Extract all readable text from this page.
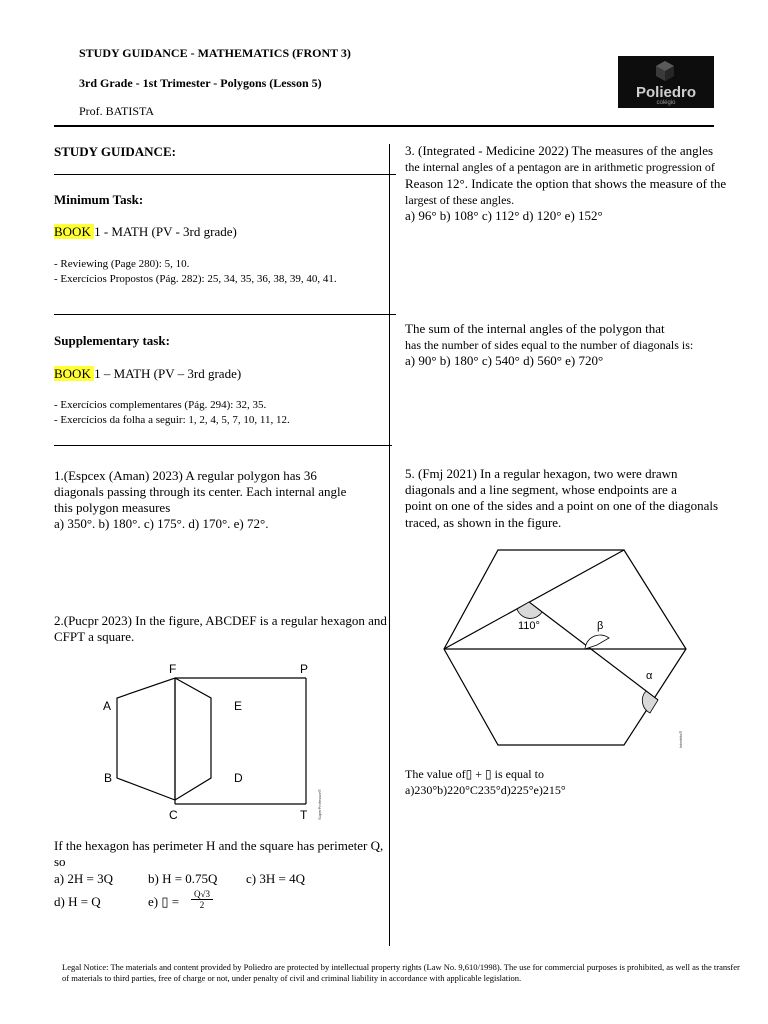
STUDY GUIDANCE - MATHEMATICS (FRONT 3)
3rd Grade - 1st Trimester - Polygons (Lesson 5)
Prof. BATISTA
Poliedro
colégio
STUDY GUIDANCE:
Minimum Task:
BOOK 1 - MATH (PV - 3rd grade)
- Reviewing (Page 280): 5, 10.
- Exercícios Propostos (Pág. 282): 25, 34, 35, 36, 38, 39, 40, 41.
Supplementary task:
BOOK 1 – MATH (PV – 3rd grade)
- Exercícios complementares (Pág. 294): 32, 35.
- Exercícios da folha a seguir: 1, 2, 4, 5, 7, 10, 11, 12.
1.(Espcex (Aman) 2023) A regular polygon has 36
diagonals passing through its center. Each internal angle
this polygon measures
a) 350°. b) 180°. c) 175°. d) 170°. e) 72°.
2.(Pucpr 2023) In the figure, ABCDEF is a regular hexagon and
CFPT a square.
F	P
A	E
B	D
C	T SuperProfessor®
If the hexagon has perimeter H and the square has perimeter Q,
so
a) 2H = 3Q	b) H = 0.75Q c) 3H = 4Q
d) H = Q	e) ▯ = $\frac{Q√3}{2}$
3. (Integrated - Medicine 2022) The measures of the angles
the internal angles of a pentagon are in arithmetic progression of
Reason 12°. Indicate the option that shows the measure of the
largest of these angles.
a) 96° b) 108° c) 112° d) 120° e) 152°
The sum of the internal angles of the polygon that
has the number of sides equal to the number of diagonals is:
a) 90° b) 180° c) 540° d) 560° e) 720°
5. (Fmj 2021) In a regular hexagon, two were drawn
diagonals and a line segment, whose endpoints are a
point on one of the sides and a point on one of the diagonals
traced, as shown in the figure.
110°	β
α
Interbits®
The value of▯ + ▯ is equal to
a)230°b)220°C235°d)225°e)215°
Legal Notice: The materials and content provided by Poliedro are protected by intellectual property rights (Law No. 9,610/1998). The use for commercial purposes is prohibited, as well as the transfer of materials to third parties, free of charge or not, under penalty of civil and criminal liability in accordance with applicable legislation.
